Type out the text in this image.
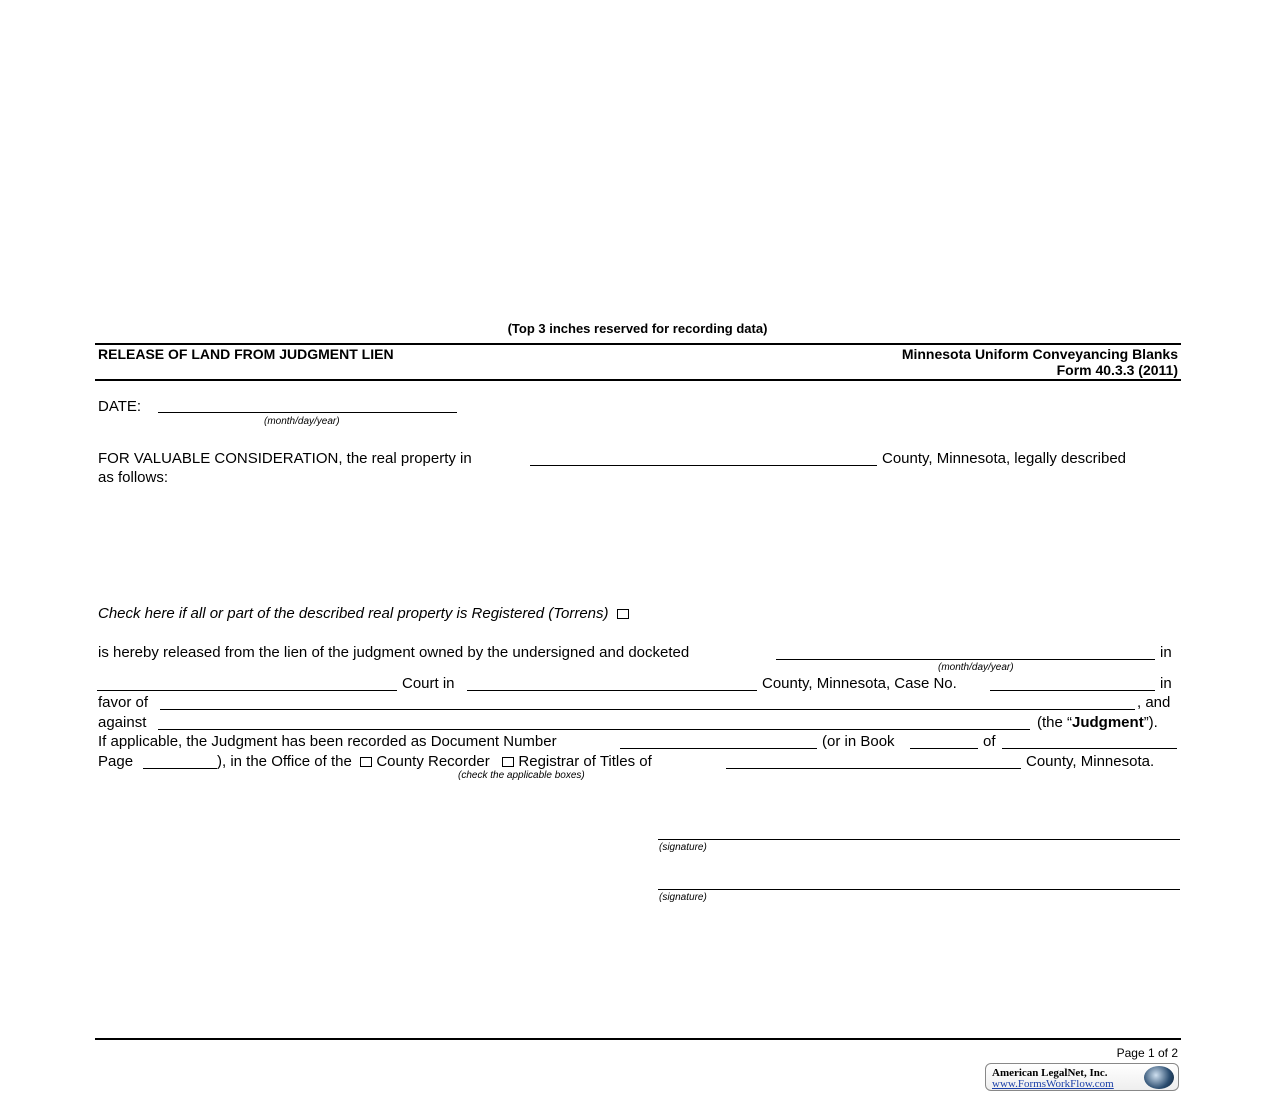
(Top 3 inches reserved for recording data)
RELEASE OF LAND FROM JUDGMENT LIEN	Minnesota Uniform Conveyancing Blanks
Form 40.3.3 (2011)
DATE:
(month/day/year)
FOR VALUABLE CONSIDERATION, the real property in	County, Minnesota, legally described
as follows:
Check here if all or part of the described real property is Registered (Torrens)
is hereby released from the lien of the judgment owned by the undersigned and docketed	in
(month/day/year)
Court in	County, Minnesota, Case No.	in
favor of	, and
against	(the “Judgment”).
If applicable, the Judgment has been recorded as Document Number	(or in Book	of
Page	), in the Office of the County Recorder Registrar of Titles of	County, Minnesota.
(check the applicable boxes)
(signature)
(signature)
Page 1 of 2
American LegalNet, Inc.
www.FormsWorkFlow.com
